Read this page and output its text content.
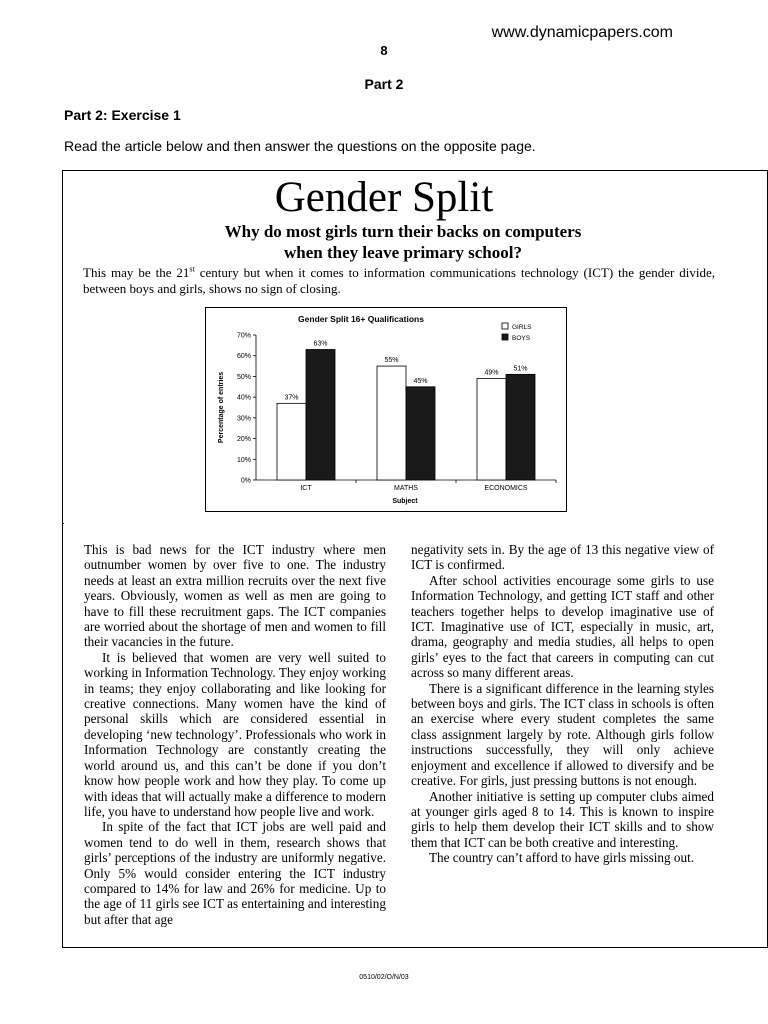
www.dynamicpapers.com
8
Part 2
Part 2: Exercise 1
Read the article below and then answer the questions on the opposite page.
Gender Split
Why do most girls turn their backs on computers
when they leave primary school?
This may be the 21st century but when it comes to information communications technology (ICT) the gender divide, between boys and girls, shows no sign of closing.
Gender Split 16+ Qualifications
0%
10%
20%
30%
40%
50%
60%
70%
Percentage of entries	37%
63%
ICT
55%
45%
MATHS
49%
51%
ECONOMICS
Subject
GIRLS
BOYS
.

This is bad news for the ICT industry where men outnumber women by over five to one. The industry needs at least an extra million recruits over the next five years. Obviously, women as well as men are going to have to fill these recruitment gaps. The ICT companies are worried about the shortage of men and women to fill their vacancies in the future.

It is believed that women are very well suited to working in Information Technology. They enjoy working in teams; they enjoy collaborating and like looking for creative connections. Many women have the kind of personal skills which are considered essential in developing ‘new technology’. Professionals who work in Information Technology are constantly creating the world around us, and this can’t be done if you don’t know how people work and how they play. To come up with ideas that will actually make a difference to modern life, you have to understand how people live and work.

In spite of the fact that ICT jobs are well paid and women tend to do well in them, research shows that girls’ perceptions of the industry are uniformly negative. Only 5% would consider entering the ICT industry compared to 14% for law and 26% for medicine. Up to the age of 11 girls see ICT as entertaining and interesting but after that age

negativity sets in. By the age of 13 this negative view of ICT is confirmed.

After school activities encourage some girls to use Information Technology, and getting ICT staff and other teachers together helps to develop imaginative use of ICT. Imaginative use of ICT, especially in music, art, drama, geography and media studies, all helps to open girls’ eyes to the fact that careers in computing can cut across so many different areas.

There is a significant difference in the learning styles between boys and girls. The ICT class in schools is often an exercise where every student completes the same class assignment largely by rote. Although girls follow instructions successfully, they will only achieve enjoyment and excellence if allowed to diversify and be creative. For girls, just pressing buttons is not enough.

Another initiative is setting up computer clubs aimed at younger girls aged 8 to 14. This is known to inspire girls to help them develop their ICT skills and to show them that ICT can be both creative and interesting.

The country can’t afford to have girls missing out.

0510/02/O/N/03
